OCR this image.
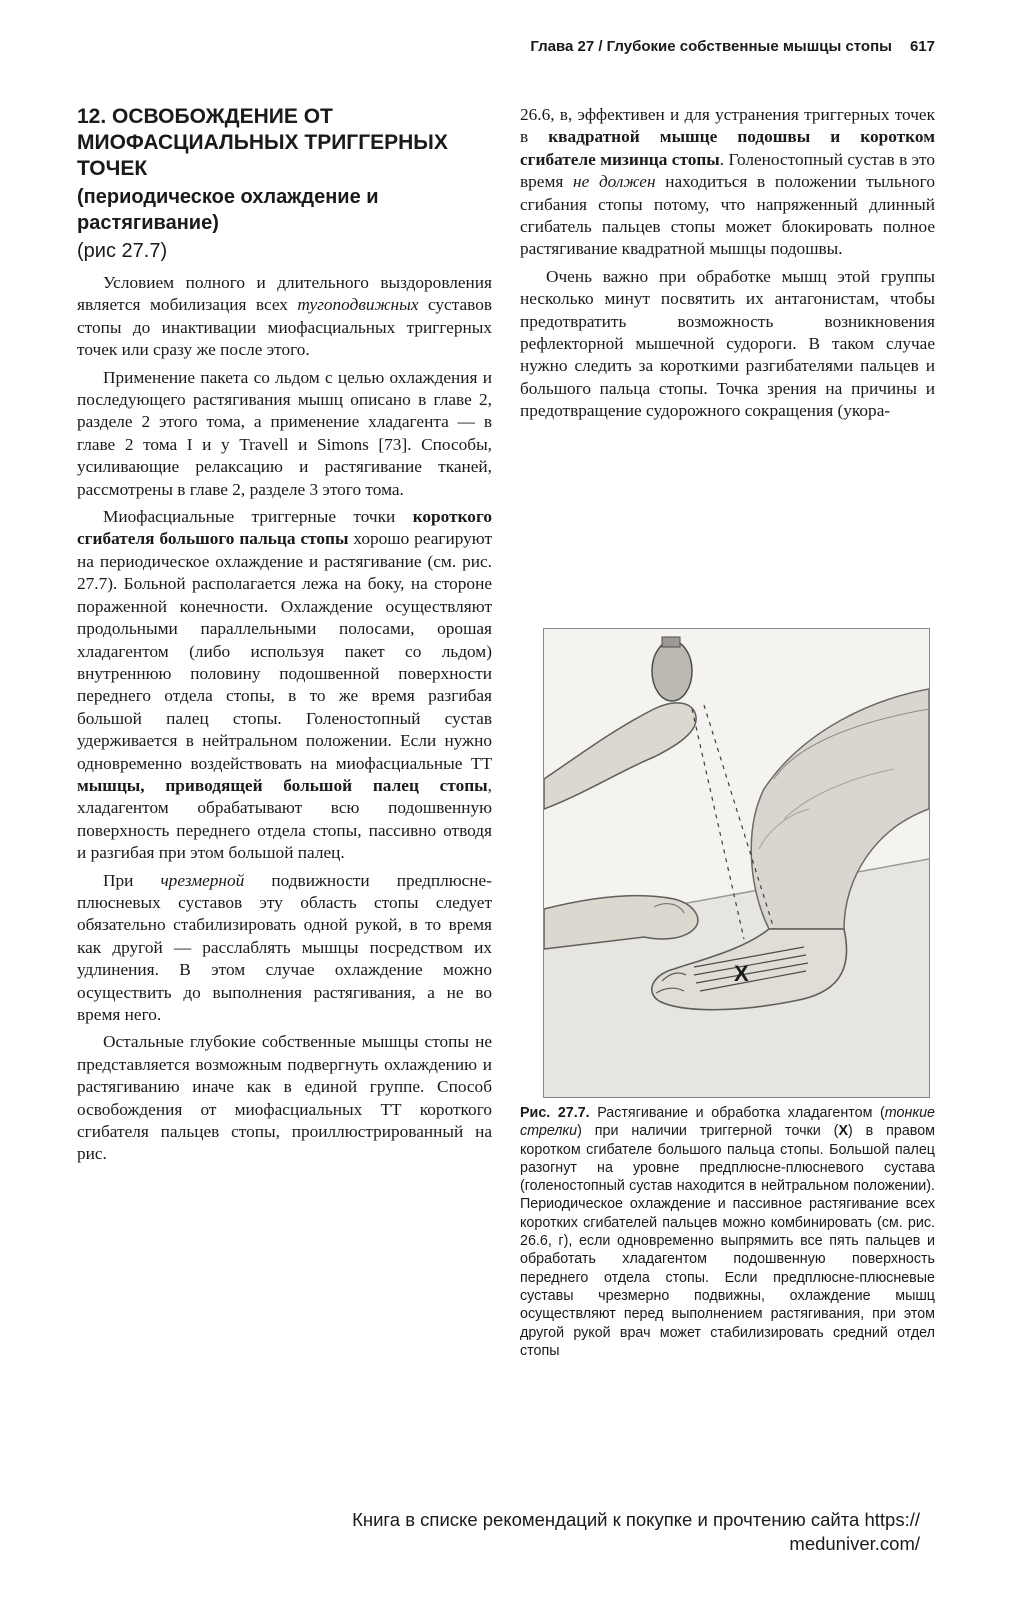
Глава 27 / Глубокие собственные мышцы стопы 617
12. ОСВОБОЖДЕНИЕ ОТ МИОФАСЦИАЛЬНЫХ ТРИГГЕРНЫХ ТОЧЕК
(периодическое охлаждение и растягивание)
(рис 27.7)

Условием полного и длительного выздоровления является мобилизация всех тугоподвижных суставов стопы до инактивации миофасциальных триггерных точек или сразу же после этого.

Применение пакета со льдом с целью охлаждения и последующего растягивания мышц описано в главе 2, разделе 2 этого тома, а применение хладагента — в главе 2 тома I и у Travell и Simons [73]. Способы, усиливающие релаксацию и растягивание тканей, рассмотрены в главе 2, разделе 3 этого тома.

Миофасциальные триггерные точки короткого сгибателя большого пальца стопы хорошо реагируют на периодическое охлаждение и растягивание (см. рис. 27.7). Больной располагается лежа на боку, на стороне пораженной конечности. Охлаждение осуществляют продольными параллельными полосами, орошая хладагентом (либо используя пакет со льдом) внутреннюю половину подошвенной поверхности переднего отдела стопы, в то же время разгибая большой палец стопы. Голеностопный сустав удерживается в нейтральном положении. Если нужно одновременно воздействовать на миофасциальные ТТ мышцы, приводящей большой палец стопы, хладагентом обрабатывают всю подошвенную поверхность переднего отдела стопы, пассивно отводя и разгибая при этом большой палец.

При чрезмерной подвижности предплюсне-плюсневых суставов эту область стопы следует обязательно стабилизировать одной рукой, в то время как другой — расслаблять мышцы посредством их удлинения. В этом случае охлаждение можно осуществить до выполнения растягивания, а не во время него.

Остальные глубокие собственные мышцы стопы не представляется возможным подвергнуть охлаждению и растягиванию иначе как в единой группе. Способ освобождения от миофасциальных ТТ короткого сгибателя пальцев стопы, проиллюстрированный на рис.

26.6, в, эффективен и для устранения триггерных точек в квадратной мышце подошвы и коротком сгибателе мизинца стопы. Голеностопный сустав в это время не должен находиться в положении тыльного сгибания стопы потому, что напряженный длинный сгибатель пальцев стопы может блокировать полное растягивание квадратной мышцы подошвы.

Очень важно при обработке мышц этой группы несколько минут посвятить их антагонистам, чтобы предотвратить возможность возникновения рефлекторной мышечной судороги. В таком случае нужно следить за короткими разгибателями пальцев и большого пальца стопы. Точка зрения на причины и предотвращение судорожного сокращения (укора-

X
Рис. 27.7. Растягивание и обработка хладагентом (тонкие стрелки) при наличии триггерной точки (X) в правом коротком сгибателе большого пальца стопы. Большой палец разогнут на уровне предплюсне-плюсневого сустава (голеностопный сустав находится в нейтральном положении). Периодическое охлаждение и пассивное растягивание всех коротких сгибателей пальцев можно комбинировать (см. рис. 26.6, г), если одновременно выпрямить все пять пальцев и обработать хладагентом подошвенную поверхность переднего отдела стопы. Если предплюсне-плюсневые суставы чрезмерно подвижны, охлаждение мышц осуществляют перед выполнением растягивания, при этом другой рукой врач может стабилизировать средний отдел стопы
Книга в списке рекомендаций к покупке и прочтению сайта https://
meduniver.com/
